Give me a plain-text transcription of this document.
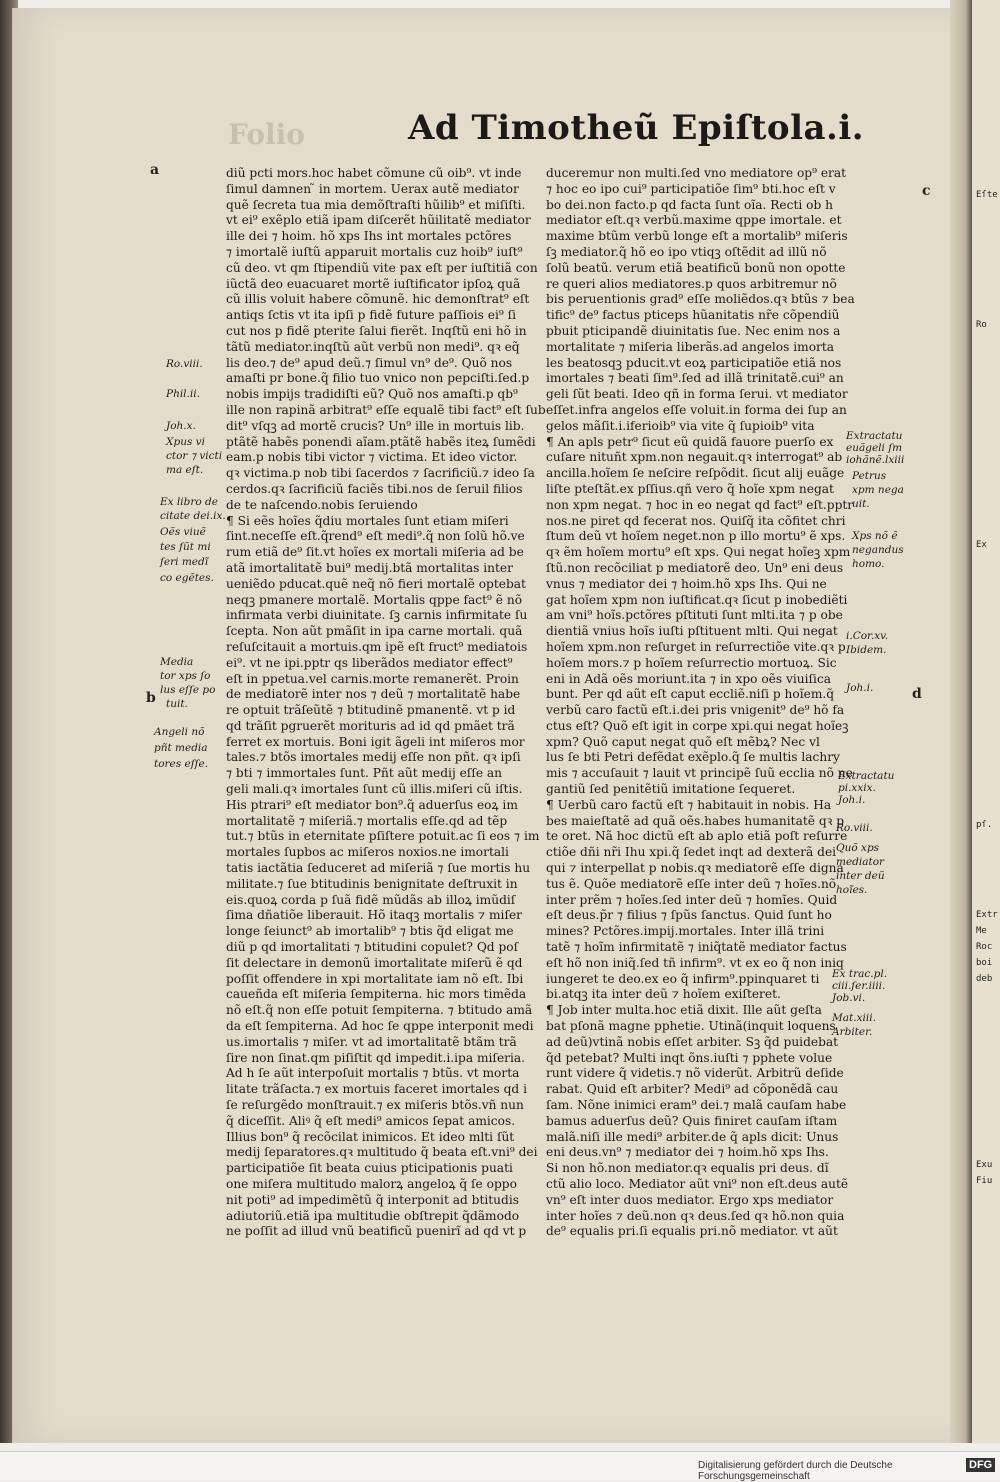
Eſte
Ro
Ex
pſ.
Extr
Me
Roc
boi
deb
Exu
Fiu
Folio	Ad Timotheũ Epiſtola.i.
a
b
c
d
diũ pcti mors.hoc habet cõmune cũ oib⁹. vt inde
ſimul damnen ̃ in mortem. Uerax autẽ mediator
quẽ ſecreta tua mia demõſtraſti hũilib⁹ et miſiſti.
vt ei⁹ exẽplo etiã ipam diſcerẽt hũilitatẽ mediator
ille dei ⁊ hoim. hõ xps Ihs int mortales pctõres
⁊ imortalẽ iuſtũ apparuit mortalis cuz hoib⁹ iuſt⁹
cũ deo. vt qm ſtipendiũ vite pax eſt per iuſtitiã con
iũctã deo euacuaret mortẽ iuſtificator ipſoꝝ quã
cũ illis voluit habere cõmunẽ. hic demonſtrat⁹ eſt
antiqs ſctis vt ita ipſi p fidẽ future paſſiois ei⁹ ſi
cut nos p fidẽ pterite ſalui fierẽt. Inqſtũ eni hõ in
tãtũ mediator.inqſtũ aũt verbũ non medi⁹. qꝛ eq̃
lis deo.⁊ de⁹ apud deũ.⁊ ſimul vn⁹ de⁹. Quõ nos
amaſti pr bone.q̃ filio tuo vnico non pepciſti.ſed.p
nobis impijs tradidiſti eũ? Quõ nos amaſti.p qb⁹
ille non rapinã arbitrat⁹ eſſe equalẽ tibi fact⁹ eſt ſub
dit⁹ vſqꝫ ad mortẽ crucis? Un⁹ ille in mortuis lib.
ptãtẽ habẽs ponendi aĩam.ptãtẽ habẽs iteꝝ ſumẽdi
eam.p nobis tibi victor ⁊ victima. Et ideo victor.
qꝛ victima.p nob tibi ſacerdos ⁊ ſacrificiũ.⁊ ideo ſa
cerdos.qꝛ ſacrificiũ faciẽs tibi.nos de ſeruil filios
de te naſcendo.nobis ſeruiendo
¶ Si eẽs hoĩes q̃diu mortales ſunt etiam miſeri
ſint.neceſſe eſt.q̃rend⁹ eſt medi⁹.q̃ non ſolũ hõ.ve
rum etiã de⁹ ſit.vt hoĩes ex mortali miſeria ad be
atã imortalitatẽ bui⁹ medij.btã mortalitas inter
ueniẽdo pducat.quẽ neq̃ nõ fieri mortalẽ optebat
neqꝫ pmanere mortalẽ. Mortalis qppe fact⁹ ẽ nõ
infirmata verbi diuinitate. ſꝫ carnis infirmitate ſu
ſcepta. Non aũt pmãſit in ipa carne mortali. quã
reſuſcitauit a mortuis.qm ipẽ eſt fruct⁹ mediatois
ei⁹. vt ne ipi.pptr qs liberãdos mediator effect⁹
eſt in ppetua.vel carnis.morte remanerẽt. Proin
de mediatorẽ inter nos ⁊ deũ ⁊ mortalitatẽ habe
re optuit trãſeũtẽ ⁊ btitudinẽ pmanentẽ. vt p id
qd trãſit pgruerẽt morituris ad id qd pmãet trã
ferret ex mortuis. Boni igit ãgeli int miſeros mor
tales.⁊ btõs imortales medij eſſe non pñt. qꝛ ipſi
⁊ bti ⁊ immortales ſunt. Pñt aũt medij eſſe an
geli mali.qꝛ imortales ſunt cũ illis.miſeri cũ iſtis.
His ptrari⁹ eſt mediator bon⁹.q̃ aduerſus eoꝝ im
mortalitatẽ ⁊ miſeriã.⁊ mortalis eſſe.qd ad tẽp
tut.⁊ btũs in eternitate pſiſtere potuit.ac ſi eos ⁊ im
mortales ſupbos ac miſeros noxios.ne imortali
tatis iactãtia ſeduceret ad miſeriã ⁊ ſue mortis hu
militate.⁊ ſue btitudinis benignitate deſtruxit in
eis.quoꝝ corda p ſuã fidẽ mũdãs ab illoꝝ imũdiſ
ſima dñatiõe liberauit. Hõ itaqꝫ mortalis ⁊ miſer
longe ſeiunct⁹ ab imortalib⁹ ⁊ btis q̃d eligat me
diũ p qd imortalitati ⁊ btitudini copulet? Qd poſ
ſit delectare in demonũ imortalitate miſerũ ẽ qd
poſſit offendere in xpi mortalitate iam nõ eſt. Ibi
caueñda eſt miſeria ſempiterna. hic mors timẽda
nõ eſt.q̃ non eſſe potuit ſempiterna. ⁊ btitudo amã
da eſt ſempiterna. Ad hoc ſe qppe interponit medi
us.imortalis ⁊ miſer. vt ad imortalitatẽ btãm trã
ſire non ſinat.qm piſiſtit qd impedit.i.ipa miſeria.
Ad h ſe aũt interpoſuit mortalis ⁊ btũs. vt morta
litate trãſacta.⁊ ex mortuis faceret imortales qd i
ſe reſurgẽdo monſtrauit.⁊ ex miſeris btõs.vñ nun
q̃ diceſſit. Aliꝰ q̃ eſt medi⁹ amicos ſepat amicos.
Illius bon⁹ q̃ recõcilat inimicos. Et ideo mlti ſũt
medij ſeparatores.qꝛ multitudo q̃ beata eſt.vni⁹ dei
participatiõe ſit beata cuius pticipationis puati
one miſera multitudo malorꝝ angeloꝝ q̃ ſe oppo
nit poti⁹ ad impedimẽtũ q̃ interponit ad btitudis
adiutoriũ.etiã ipa multitudie obſtrepit q̃dãmodo
ne poſſit ad illud vnũ beatificũ puenirĩ ad qd vt p
duceremur non multi.ſed vno mediatore op⁹ erat
⁊ hoc eo ipo cui⁹ participatiõe ſim⁹ bti.hoc eſt v
bo dei.non facto.p qd facta ſunt oĩa. Recti ob h
mediator eſt.qꝛ verbũ.maxime qppe imortale. et
maxime btũm verbũ longe eſt a mortalib⁹ miſeris
ſꝫ mediator.q̃ hõ eo ipo vtiqꝫ oſtẽdit ad illũ nõ
ſolũ beatũ. verum etiã beatificũ bonũ non opotte
re queri alios mediatores.p quos arbitremur nõ
bis peruentionis grad⁹ eſſe moliẽdos.qꝛ btũs ⁊ bea
tific⁹ de⁹ factus pticeps hũanitatis nr̃e cõpendiũ
pbuit pticipandẽ diuinitatis ſue. Nec enim nos a
mortalitate ⁊ miſeria liberãs.ad angelos imorta
les beatosqꝫ pducit.vt eoꝝ participatiõe etiã nos
imortales ⁊ beati ſim⁹.ſed ad illã trinitatẽ.cui⁹ an
geli ſũt beati. Ideo qñ in forma ſerui. vt mediator
eſſet.infra angelos eſſe voluit.in forma dei ſup an
gelos mãſit.i.iferioib⁹ via vite q̃ ſupioib⁹ vita
¶ An apls petr⁹ ſicut eũ quidã fauore puerſo ex
cuſare nituñt xpm.non negauit.qꝛ interrogat⁹ ab
ancilla.hoĩem ſe neſcire reſpõdit. ſicut alij euãge
liſte pteſtãt.ex pſſius.qñ vero q̃ hoĩe xpm negat
non xpm negat. ⁊ hoc in eo negat qd fact⁹ eſt.pptr
nos.ne piret qd fecerat nos. Quiſq̃ ita cõfitet chri
ſtum deũ vt hoĩem neget.non p illo mortu⁹ ẽ xps.
qꝛ ẽm hoĩem mortu⁹ eſt xps. Qui negat hoĩeꝫ xpm
ſtũ.non recõciliat p mediatorẽ deo. Un⁹ eni deus
vnus ⁊ mediator dei ⁊ hoim.hõ xps Ihs. Qui ne
gat hoĩem xpm non iuſtificat.qꝛ ſicut p inobediẽti
am vni⁹ hoĩs.pctõres pſtituti ſunt mlti.ita ⁊ p obe
dientiã vnius hoĩs iuſti pſtituent mlti. Qui negat
hoĩem xpm.non reſurget in reſurrectiõe vite.qꝛ p
hoĩem mors.⁊ p hoĩem reſurrectio mortuoꝝ. Sic
eni in Adã oẽs moriunt.ita ⁊ in xpo oẽs viuiſica
bunt. Per qd aũt eſt caput eccliẽ.niſi p hoĩem.q̃
verbũ caro factũ eſt.i.dei pris vnigenit⁹ de⁹ hõ fa
ctus eſt? Quõ eſt igit in corpe xpi.qui negat hoĩeꝫ
xpm? Quõ caput negat quõ eſt mẽbꝝ? Nec vl
lus ſe bti Petri defẽdat exẽplo.q̃ ſe multis lachry
mis ⁊ accuſauit ⁊ lauit vt principẽ ſuũ ecclia nõ ne
gantiũ ſed penitẽtiũ imitatione ſequeret.
¶ Uerbũ caro factũ eſt ⁊ habitauit in nobis. Ha
bes maieſtatẽ ad quã oẽs.habes humanitatẽ qꝛ p
te oret. Nã hoc dictũ eſt ab aplo etiã poſt reſurre
ctiõe dñi nr̃i Ihu xpi.q̃ ſedet inqt ad dexterã dei
qui ⁊ interpellat p nobis.qꝛ mediatorẽ eſſe digna
tus ẽ. Quõe mediatorẽ eſſe inter deũ ⁊ hoĩes.nõ
inter prẽm ⁊ hoĩes.ſed inter deũ ⁊ homĩes. Quid
eſt deus.p̃r ⁊ filius ⁊ ſpũs ſanctus. Quid ſunt ho
mines? Pctõres.impij.mortales. Inter illã trini
tatẽ ⁊ hoĩm infirmitatẽ ⁊ iniq̃tatẽ mediator factus
eſt hõ non iniq̃.ſed tñ infirm⁹. vt ex eo q̃ non iniq
iungeret te deo.ex eo q̃ infirm⁹.ppinquaret ti
bi.atqꝫ ita inter deũ ⁊ hoĩem exiſteret.
¶ Job inter multa.hoc etiã dixit. Ille aũt geſta
bat pſonã magne pphetie. Utinã(inquit loquens
ad deũ)vtinã nobis eſſet arbiter. Sꝫ q̃d puidebat
q̃d petebat? Multi inqt õns.iuſti ⁊ pphete volue
runt videre q̃ videtis.⁊ nõ viderũt. Arbitrũ deſide
rabat. Quid eſt arbiter? Medi⁹ ad cõponẽdã cau
ſam. Nõne inimici eram⁹ dei.⁊ malã cauſam habe
bamus aduerſus deũ? Quis finiret cauſam iſtam
malã.niſi ille medi⁹ arbiter.de q̃ apls dicit: Unus
eni deus.vn⁹ ⁊ mediator dei ⁊ hoim.hõ xps Ihs.
Si non hõ.non mediator.qꝛ equalis pri deus. dĩ
ctũ alio loco. Mediator aũt vni⁹ non eſt.deus autẽ
vn⁹ eſt inter duos mediator. Ergo xps mediator
inter hoĩes ⁊ deũ.non qꝛ deus.ſed qꝛ hõ.non quia
de⁹ equalis pri.ſi equalis pri.nõ mediator. vt aũt
Ro.viii.
Phil.ii.
Joh.x.
Xpus vi
ctor ⁊ victi
ma eſt.
Ex libro de
citate dei.ix.
Oẽs viuẽ
tes ſũt mi
ſeri medĩ
co egẽtes.
Media
tor xps ſo
lus eſſe po
tuit.
Angeli nõ
pñt media
tores eſſe.
Extractatu
euãgeli ſm
iohãnẽ.lxiii
Petrus
xpm nega
uit.
Xps nõ ẽ
negandus
homo.
i.Cor.xv.
Ibidem.
Joh.i.
Extractatu
pi.xxix.
Joh.i.
Ro.viii.
Quõ xps
mediator
inter deũ
hoĩes.
Ex trac.pl.
ciii.ſer.iiii.
Job.vi.
Mat.xiii.
Arbiter.
Digitalisierung gefördert durch die Deutsche Forschungsgemeinschaft
DFG
